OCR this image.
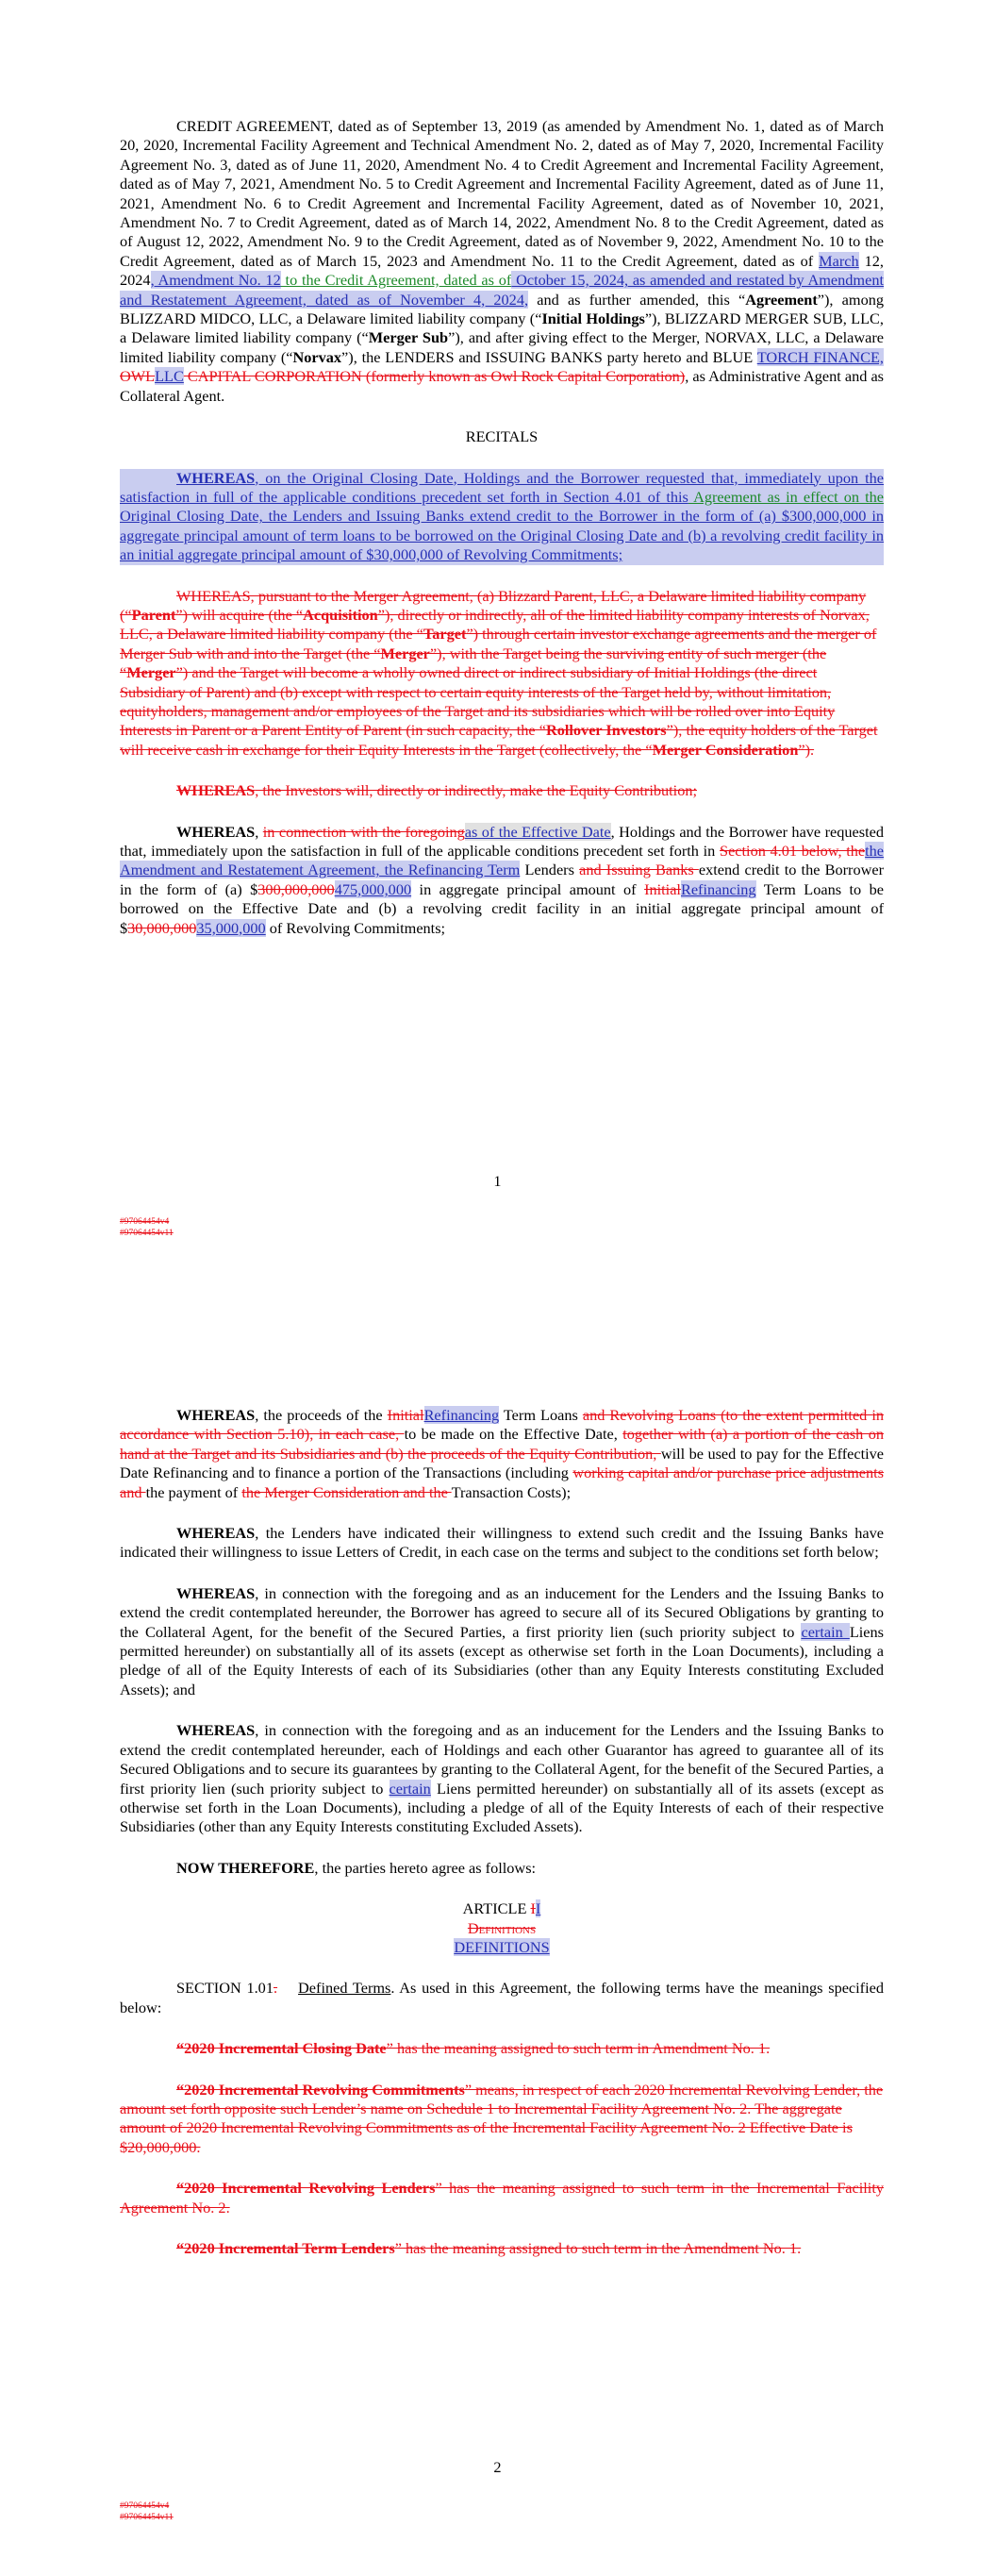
CREDIT AGREEMENT, dated as of September 13, 2019 (as amended by Amendment No. 1, dated as of March 20, 2020, Incremental Facility Agreement and Technical Amendment No. 2, dated as of May 7, 2020, Incremental Facility Agreement No. 3, dated as of June 11, 2020, Amendment No. 4 to Credit Agreement and Incremental Facility Agreement, dated as of May 7, 2021, Amendment No. 5 to Credit Agreement and Incremental Facility Agreement, dated as of June 11, 2021, Amendment No. 6 to Credit Agreement and Incremental Facility Agreement, dated as of November 10, 2021, Amendment No. 7 to Credit Agreement, dated as of March 14, 2022, Amendment No. 8 to the Credit Agreement, dated as of August 12, 2022, Amendment No. 9 to the Credit Agreement, dated as of November 9, 2022, Amendment No. 10 to the Credit Agreement, dated as of March 15, 2023 and Amendment No. 11 to the Credit Agreement, dated as of March 12, 2024, Amendment No. 12 to the Credit Agreement, dated as of October 15, 2024, as amended and restated by Amendment and Restatement Agreement, dated as of November 4, 2024, and as further amended, this “Agreement”), among BLIZZARD MIDCO, LLC, a Delaware limited liability company (“Initial Holdings”), BLIZZARD MERGER SUB, LLC, a Delaware limited liability company (“Merger Sub”), and after giving effect to the Merger, NORVAX, LLC, a Delaware limited liability company (“Norvax”), the LENDERS and ISSUING BANKS party hereto and BLUE TORCH FINANCE, OWLLLC CAPITAL CORPORATION (formerly known as Owl Rock Capital Corporation), as Administrative Agent and as Collateral Agent.

RECITALS

WHEREAS, on the Original Closing Date, Holdings and the Borrower requested that, immediately upon the satisfaction in full of the applicable conditions precedent set forth in Section 4.01 of this Agreement as in effect on the Original Closing Date, the Lenders and Issuing Banks extend credit to the Borrower in the form of (a) $300,000,000 in aggregate principal amount of term loans to be borrowed on the Original Closing Date and (b) a revolving credit facility in an initial aggregate principal amount of $30,000,000 of Revolving Commitments;

WHEREAS, pursuant to the Merger Agreement, (a) Blizzard Parent, LLC, a Delaware limited liability company (“Parent”) will acquire (the “Acquisition”), directly or indirectly, all of the limited liability company interests of Norvax, LLC, a Delaware limited liability company (the “Target”) through certain investor exchange agreements and the merger of Merger Sub with and into the Target (the “Merger”), with the Target being the surviving entity of such merger (the “Merger”) and the Target will become a wholly owned direct or indirect subsidiary of Initial Holdings (the direct Subsidiary of Parent) and (b) except with respect to certain equity interests of the Target held by, without limitation, equityholders, management and/or employees of the Target and its subsidiaries which will be rolled over into Equity Interests in Parent or a Parent Entity of Parent (in such capacity, the “Rollover Investors”), the equity holders of the Target will receive cash in exchange for their Equity Interests in the Target (collectively, the “Merger Consideration”).

WHEREAS, the Investors will, directly or indirectly, make the Equity Contribution;

WHEREAS, in connection with the foregoingas of the Effective Date, Holdings and the Borrower have requested that, immediately upon the satisfaction in full of the applicable conditions precedent set forth in Section 4.01 below, thethe Amendment and Restatement Agreement, the Refinancing Term Lenders and Issuing Banks extend credit to the Borrower in the form of (a) $300,000,000475,000,000 in aggregate principal amount of InitialRefinancing Term Loans to be borrowed on the Effective Date and (b) a revolving credit facility in an initial aggregate principal amount of $30,000,00035,000,000 of Revolving Commitments;

1
#97064454v4
#97064454v11

WHEREAS, the proceeds of the InitialRefinancing Term Loans and Revolving Loans (to the extent permitted in accordance with Section 5.10), in each case, to be made on the Effective Date, together with (a) a portion of the cash on hand at the Target and its Subsidiaries and (b) the proceeds of the Equity Contribution, will be used to pay for the Effective Date Refinancing and to finance a portion of the Transactions (including working capital and/or purchase price adjustments and the payment of the Merger Consideration and the Transaction Costs);

WHEREAS, the Lenders have indicated their willingness to extend such credit and the Issuing Banks have indicated their willingness to issue Letters of Credit, in each case on the terms and subject to the conditions set forth below;

WHEREAS, in connection with the foregoing and as an inducement for the Lenders and the Issuing Banks to extend the credit contemplated hereunder, the Borrower has agreed to secure all of its Secured Obligations by granting to the Collateral Agent, for the benefit of the Secured Parties, a first priority lien (such priority subject to certain Liens permitted hereunder) on substantially all of its assets (except as otherwise set forth in the Loan Documents), including a pledge of all of the Equity Interests of each of its Subsidiaries (other than any Equity Interests constituting Excluded Assets); and

WHEREAS, in connection with the foregoing and as an inducement for the Lenders and the Issuing Banks to extend the credit contemplated hereunder, each of Holdings and each other Guarantor has agreed to guarantee all of its Secured Obligations and to secure its guarantees by granting to the Collateral Agent, for the benefit of the Secured Parties, a first priority lien (such priority subject to certain Liens permitted hereunder) on substantially all of its assets (except as otherwise set forth in the Loan Documents), including a pledge of all of the Equity Interests of each of their respective Subsidiaries (other than any Equity Interests constituting Excluded Assets).

NOW THEREFORE, the parties hereto agree as follows:

ARTICLE II
Definitions
DEFINITIONS

SECTION 1.01. Defined Terms. As used in this Agreement, the following terms have the meanings specified below:

“2020 Incremental Closing Date” has the meaning assigned to such term in Amendment No. 1.

“2020 Incremental Revolving Commitments” means, in respect of each 2020 Incremental Revolving Lender, the amount set forth opposite such Lender’s name on Schedule 1 to Incremental Facility Agreement No. 2. The aggregate amount of 2020 Incremental Revolving Commitments as of the Incremental Facility Agreement No. 2 Effective Date is $20,000,000.

“2020 Incremental Revolving Lenders” has the meaning assigned to such term in the Incremental Facility Agreement No. 2.

“2020 Incremental Term Lenders” has the meaning assigned to such term in the Amendment No. 1.

2
#97064454v4
#97064454v11
